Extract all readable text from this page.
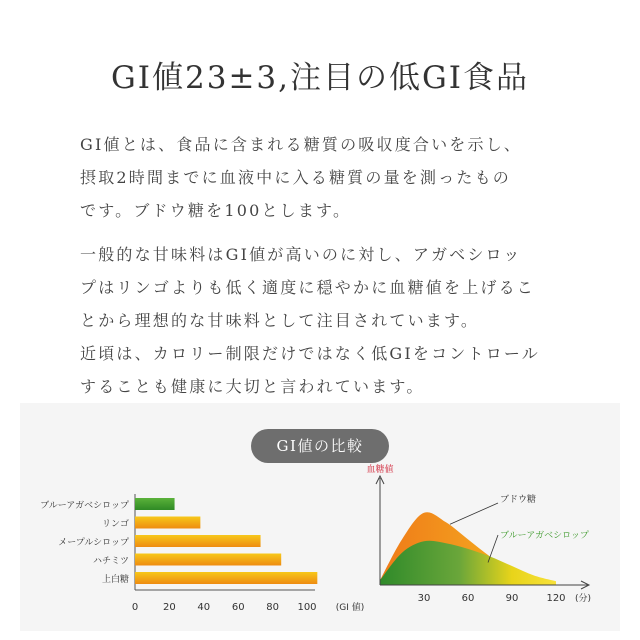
GI値23±3,注目の低GI食品

GI値とは、食品に含まれる糖質の吸収度合いを示し、

摂取2時間までに血液中に入る糖質の量を測ったもの

です。ブドウ糖を100とします。

一般的な甘味料はGI値が高いのに対し、アガベシロッ

プはリンゴよりも低く適度に穏やかに血糖値を上げるこ

とから理想的な甘味料として注目されています。

近頃は、カロリー制限だけではなく低GIをコントロール

することも健康に大切と言われています。

GI値の比較
ブルーアガベシロップ
リンゴ
メープルシロップ
ハチミツ
上白糖
0 20 40 60 80 100 (GI 値)
血糖値
ブドウ糖
ブルーアガベシロップ
30	60	90	120 (分)
